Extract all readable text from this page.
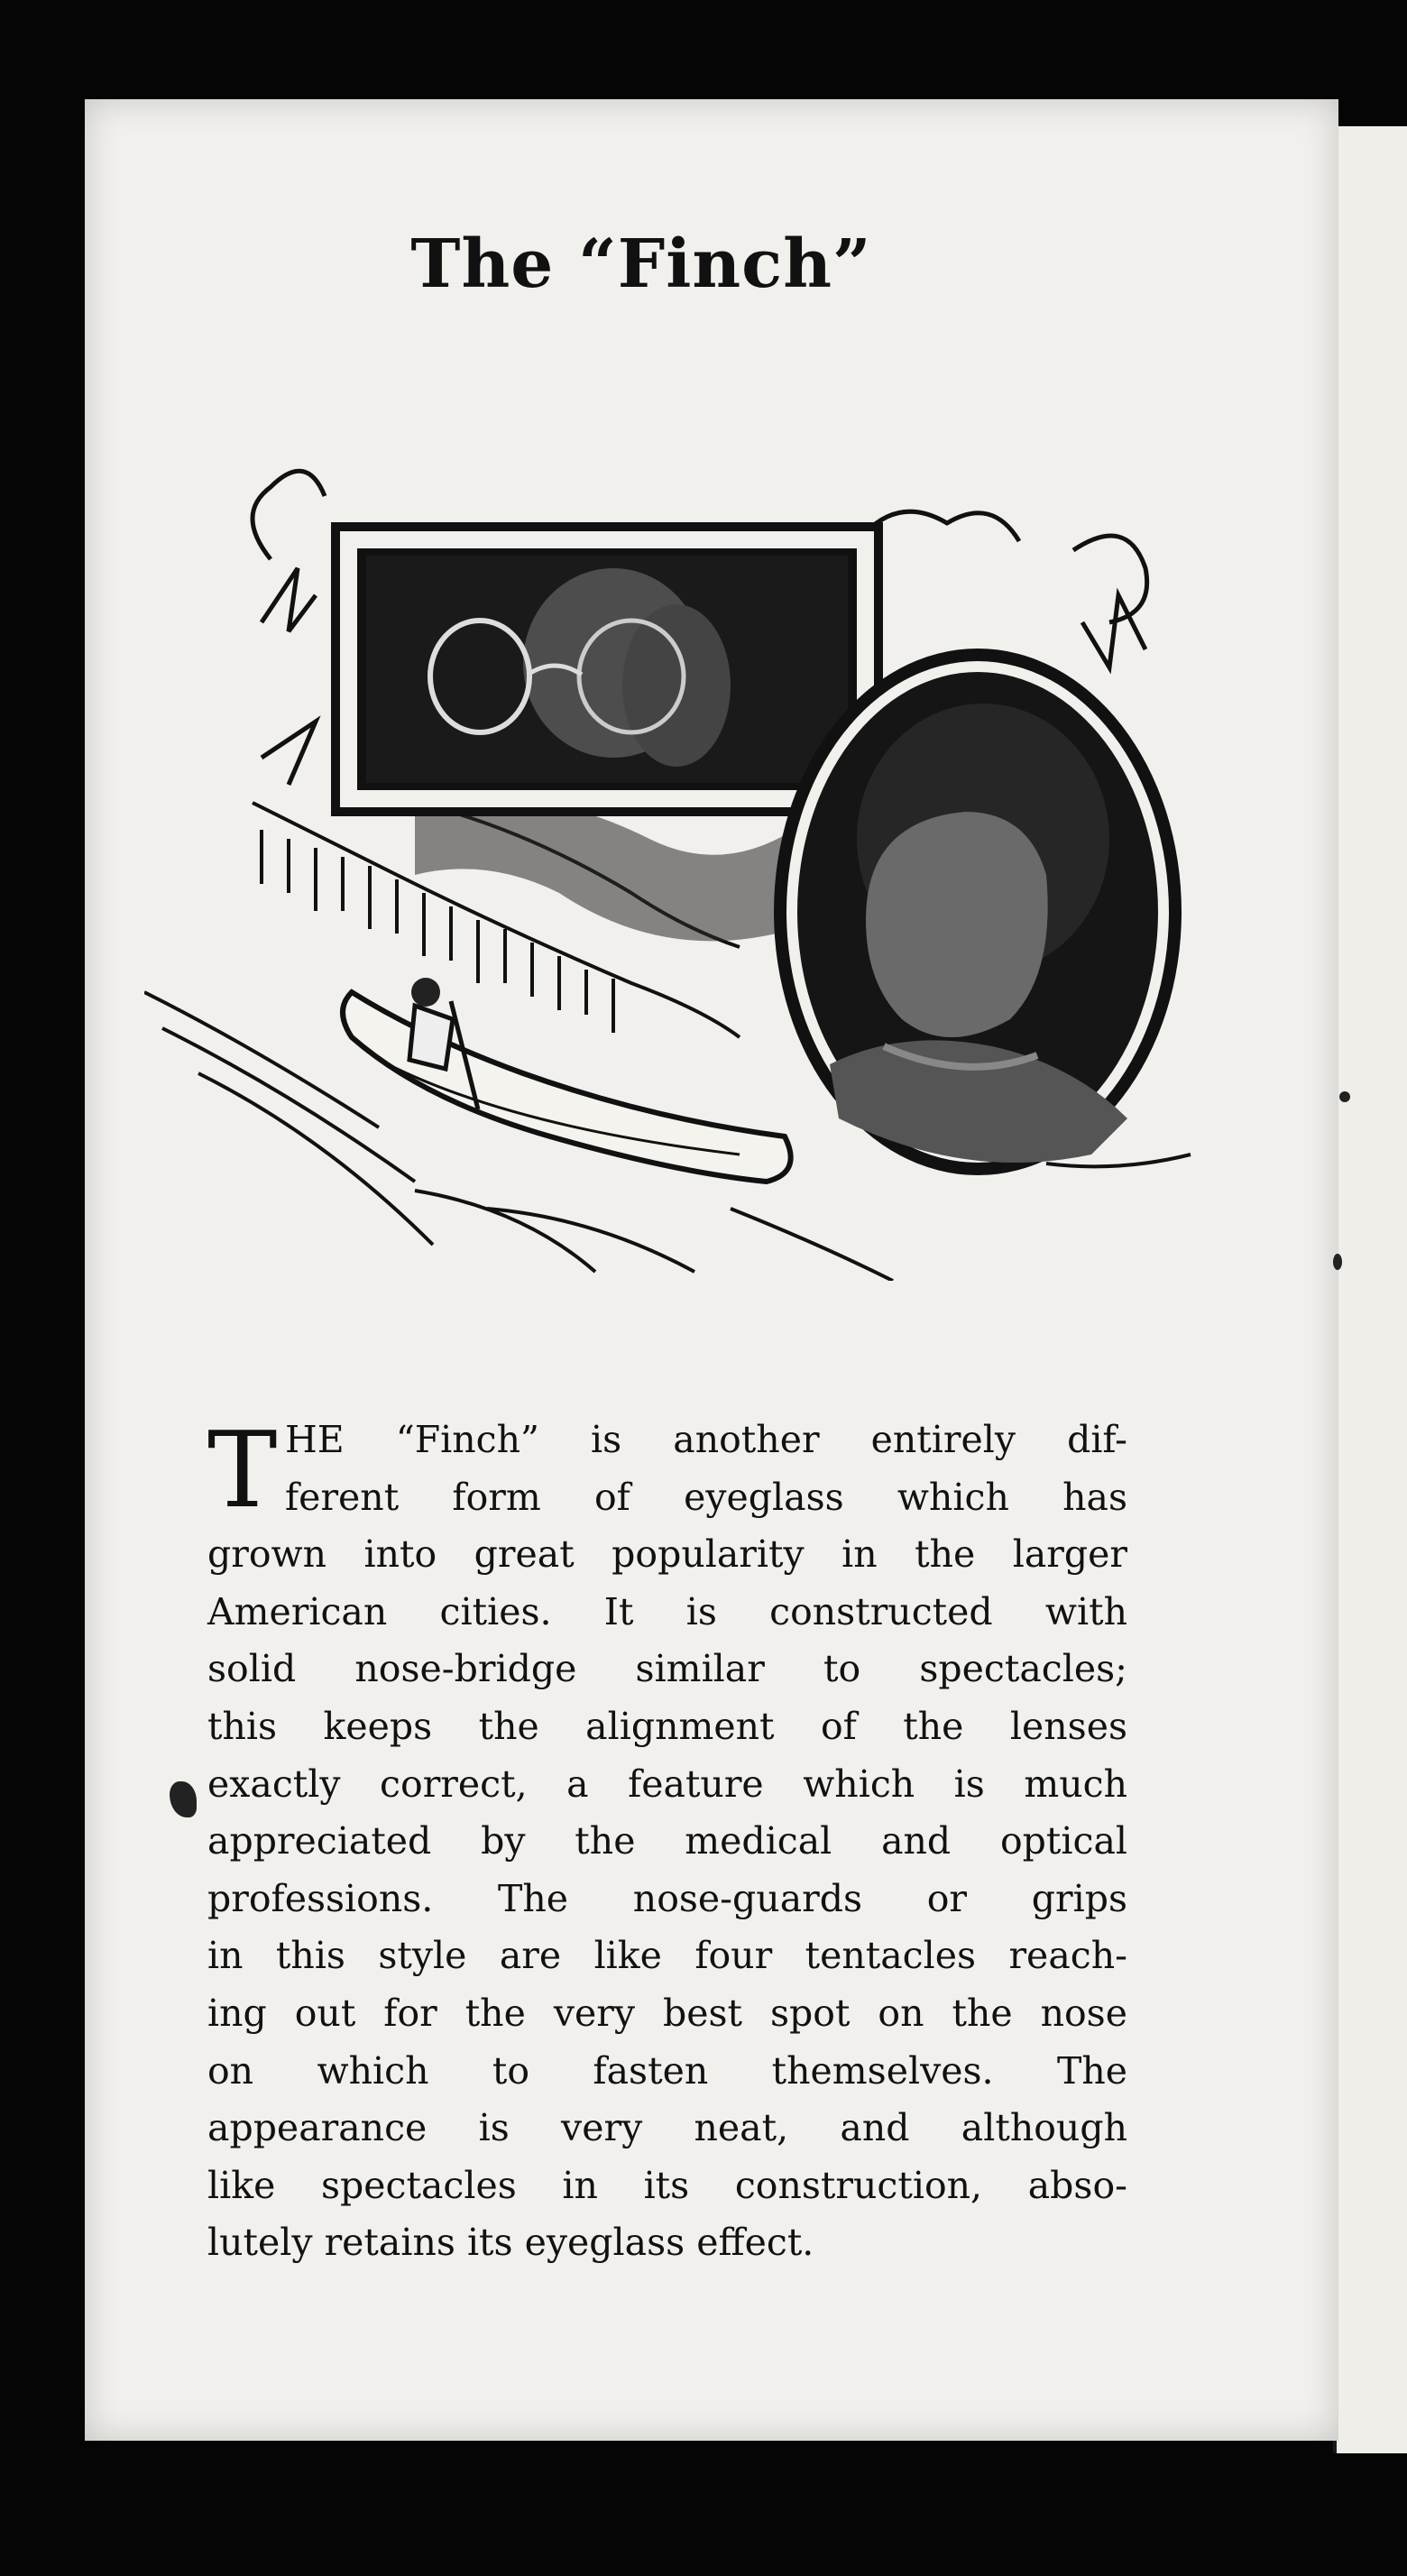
The “Finch”
T HE “Finch” is another entirely dif-
ferent form of eyeglass which has
grown into great popularity in the larger
American cities. It is constructed with
solid nose-bridge similar to spectacles;
this keeps the alignment of the lenses
exactly correct, a feature which is much
appreciated by the medical and optical
professions. The nose-guards or grips
in this style are like four tentacles reach-
ing out for the very best spot on the nose
on which to fasten themselves. The
appearance is very neat, and although
like spectacles in its construction, abso-
lutely retains its eyeglass effect.
